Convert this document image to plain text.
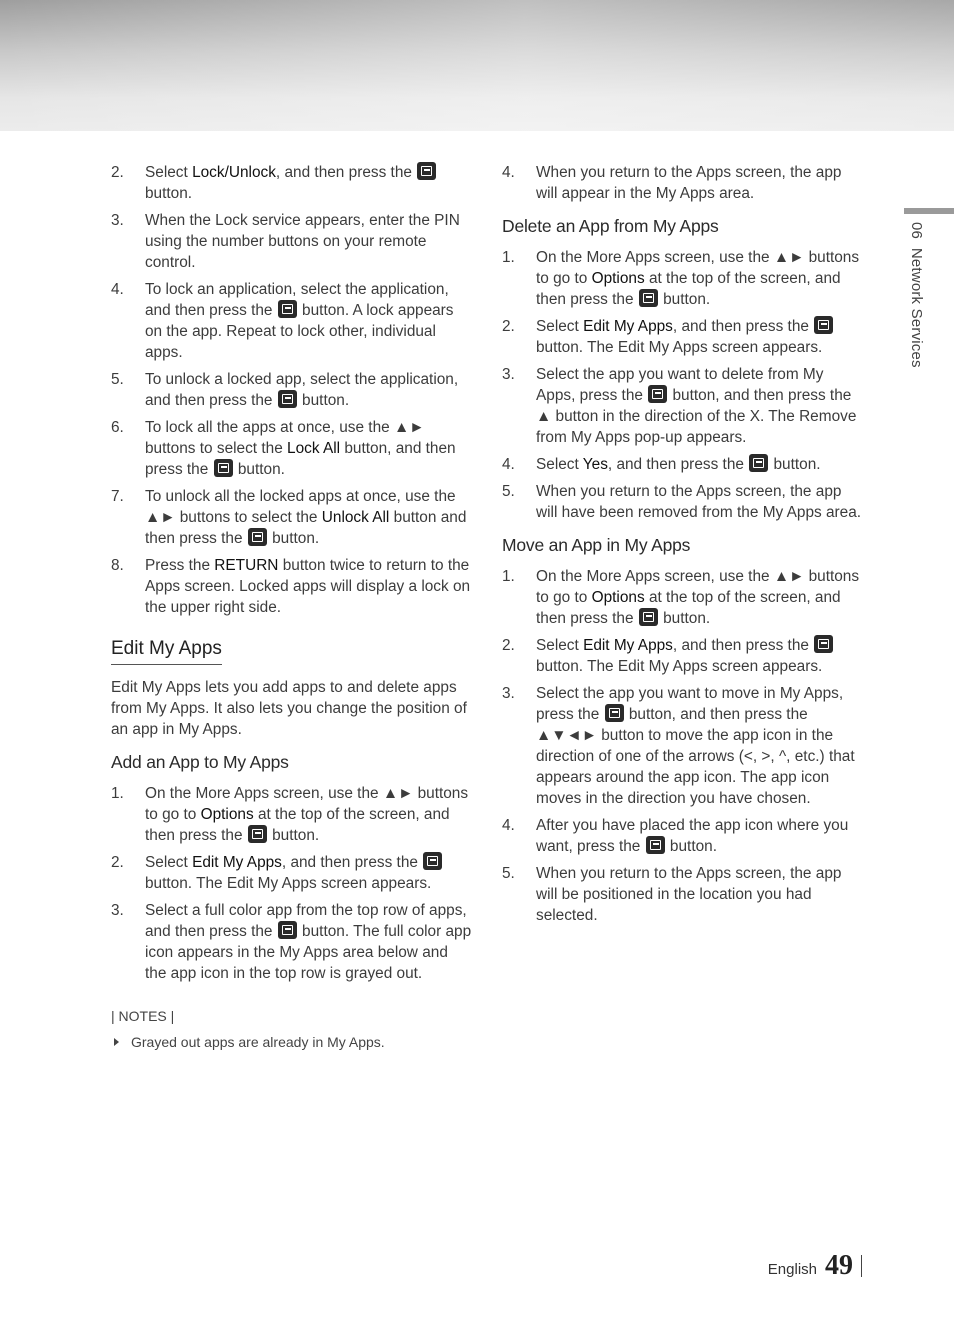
06  Network Services
2. Select Lock/Unlock, and then press the  button.
3. When the Lock service appears, enter the PIN using the number buttons on your remote control.
4. To lock an application, select the application, and then press the  button. A lock appears on the app. Repeat to lock other, individual apps.
5. To unlock a locked app, select the application, and then press the  button.
6. To lock all the apps at once, use the ▲► buttons to select the Lock All button, and then press the  button.
7. To unlock all the locked apps at once, use the ▲► buttons to select the Unlock All button and then press the  button.
8. Press the RETURN button twice to return to the Apps screen. Locked apps will display a lock on the upper right side.
Edit My Apps

Edit My Apps lets you add apps to and delete apps from My Apps. It also lets you change the position of an app in My Apps.

Add an App to My Apps
1. On the More Apps screen, use the ▲► buttons to go to Options at the top of the screen, and then press the  button.
2. Select Edit My Apps, and then press the  button. The Edit My Apps screen appears.
3. Select a full color app from the top row of apps, and then press the  button. The full color app icon appears in the My Apps area below and the app icon in the top row is grayed out.
| NOTES |
Grayed out apps are already in My Apps.
4. When you return to the Apps screen, the app will appear in the My Apps area.
Delete an App from My Apps
1. On the More Apps screen, use the ▲► buttons to go to Options at the top of the screen, and then press the  button.
2. Select Edit My Apps, and then press the  button. The Edit My Apps screen appears.
3. Select the app you want to delete from My Apps, press the  button, and then press the ▲ button in the direction of the X. The Remove from My Apps pop-up appears.
4. Select Yes, and then press the  button.
5. When you return to the Apps screen, the app will have been removed from the My Apps area.
Move an App in My Apps
1. On the More Apps screen, use the ▲► buttons to go to Options at the top of the screen, and then press the  button.
2. Select Edit My Apps, and then press the  button. The Edit My Apps screen appears.
3. Select the app you want to move in My Apps, press the  button, and then press the ▲▼◄► button to move the app icon in the direction of one of the arrows (<, >, ^, etc.) that appears around the app icon. The app icon moves in the direction you have chosen.
4. After you have placed the app icon where you want, press the  button.
5. When you return to the Apps screen, the app will be positioned in the location you had selected.
English 49
